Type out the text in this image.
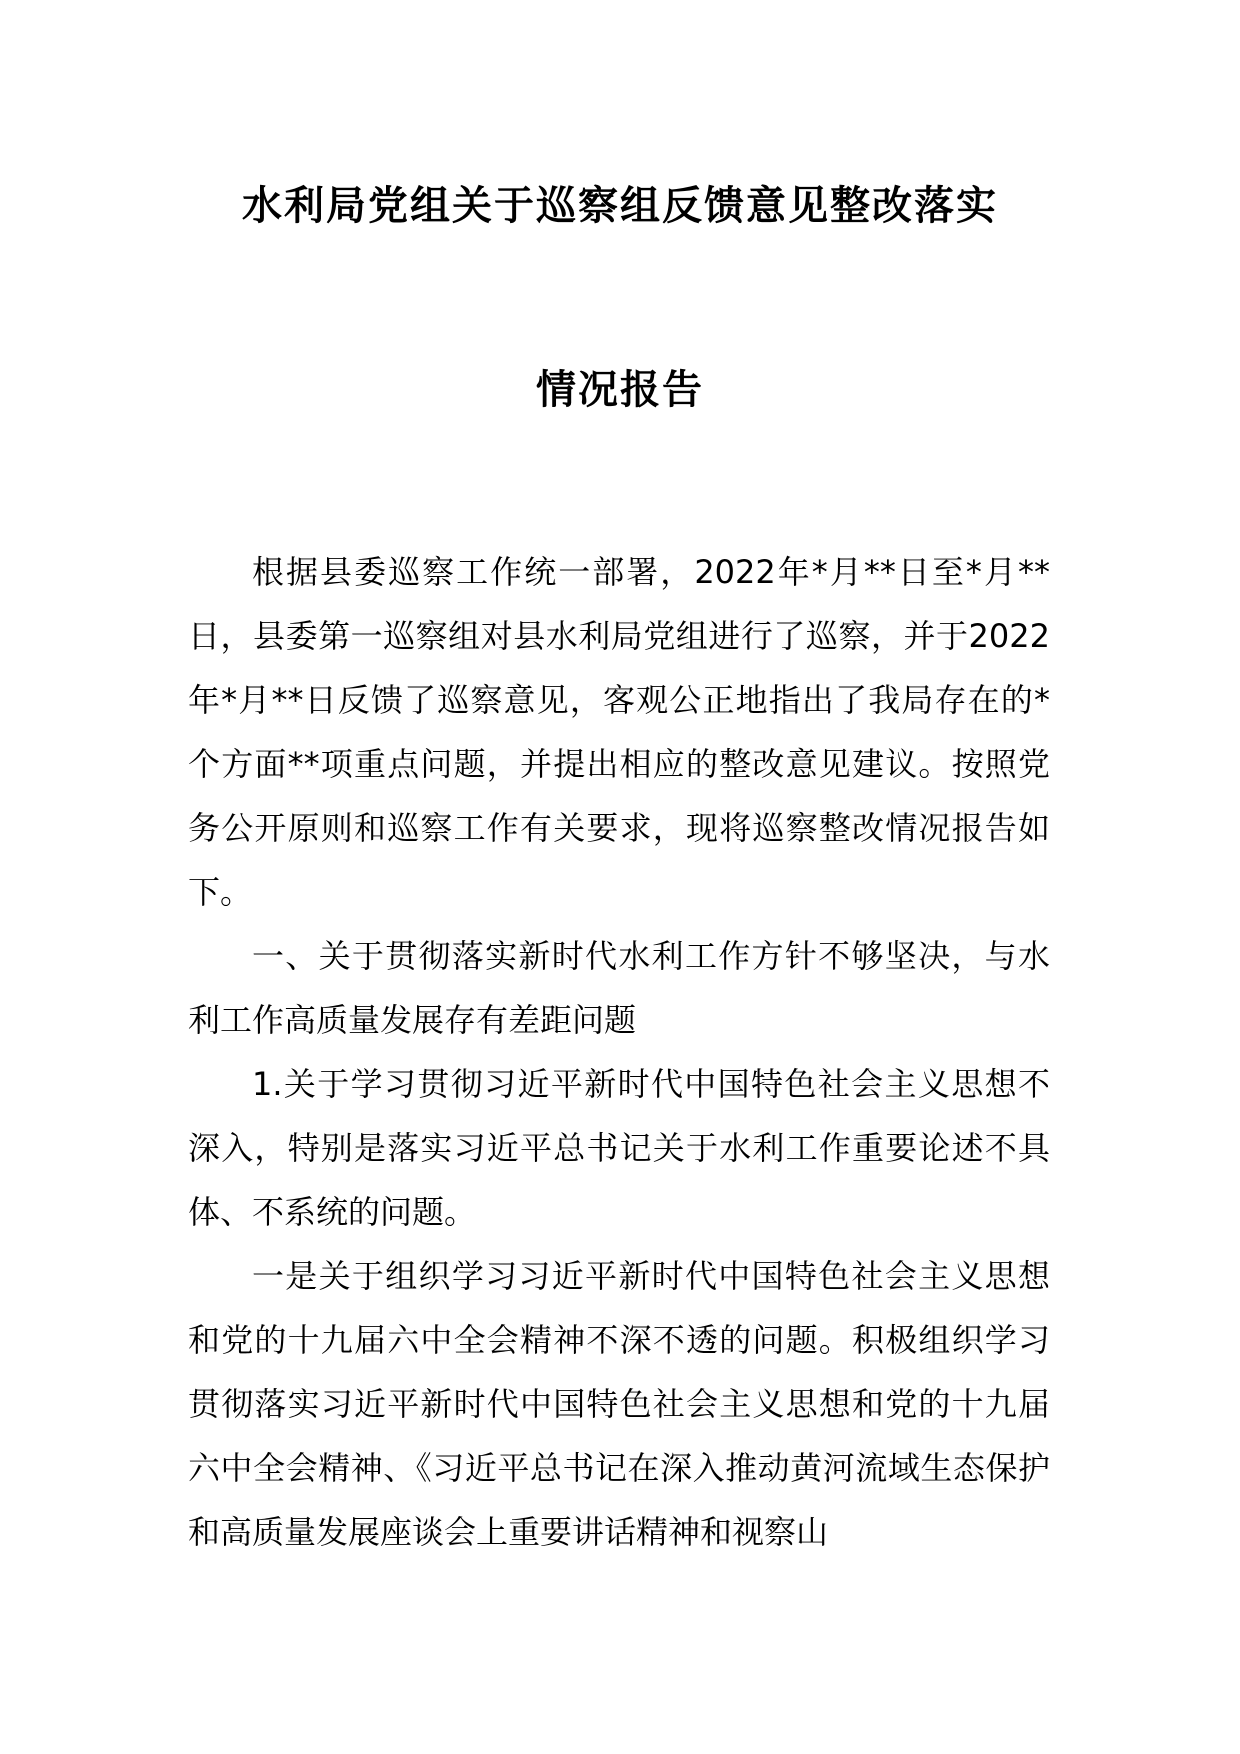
水利局党组关于巡察组反馈意见整改落实
情况报告

根据县委巡察工作统一部署，2022年*月**日至*月**日，县委第一巡察组对县水利局党组进行了巡察，并于2022年*月**日反馈了巡察意见，客观公正地指出了我局存在的*个方面**项重点问题，并提出相应的整改意见建议。按照党务公开原则和巡察工作有关要求，现将巡察整改情况报告如下。

一、关于贯彻落实新时代水利工作方针不够坚决，与水利工作高质量发展存有差距问题

1.关于学习贯彻习近平新时代中国特色社会主义思想不深入，特别是落实习近平总书记关于水利工作重要论述不具体、不系统的问题。

一是关于组织学习习近平新时代中国特色社会主义思想和党的十九届六中全会精神不深不透的问题。积极组织学习贯彻落实习近平新时代中国特色社会主义思想和党的十九届六中全会精神、《习近平总书记在深入推动黄河流域生态保护和高质量发展座谈会上重要讲话精神和视察山
